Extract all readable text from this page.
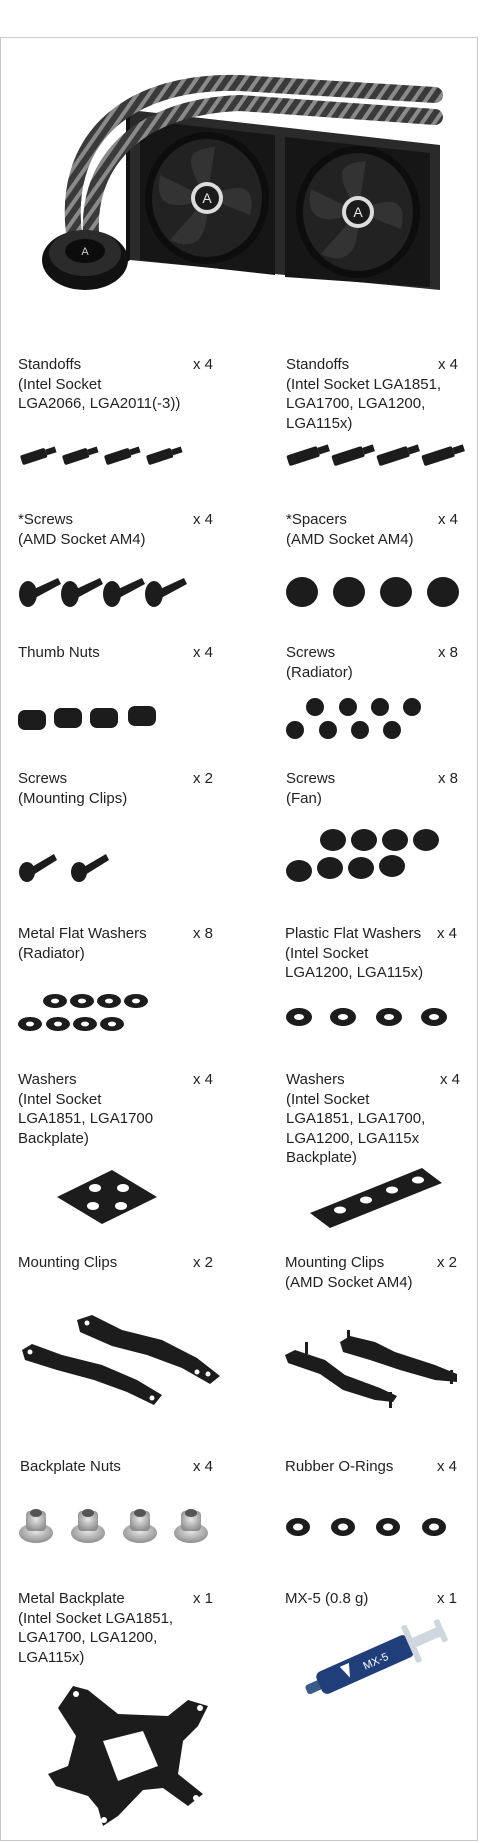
A
A
A
Standoffs
(Intel Socket
LGA2066, LGA2011(-3))
x 4	Standoffs
(Intel Socket LGA1851,
LGA1700, LGA1200,
LGA115x)
x 4
*Screws
(AMD Socket AM4)
x 4	*Spacers
(AMD Socket AM4)
x 4
Thumb Nuts	x 4	Screws
(Radiator)
x 8
Screws
(Mounting Clips)
x 2	Screws
(Fan)
x 8
Metal Flat Washers
(Radiator)
x 8	Plastic Flat Washers
(Intel Socket
LGA1200, LGA115x)
x 4
Washers
(Intel Socket
LGA1851, LGA1700
Backplate)
x 4	Washers
(Intel Socket
LGA1851, LGA1700,
LGA1200, LGA115x
Backplate)
x 4
Mounting Clips	x 2	Mounting Clips
(AMD Socket AM4)
x 2
Backplate Nuts	x 4	Rubber O-Rings	x 4
Metal Backplate
(Intel Socket LGA1851,
LGA1700, LGA1200,
LGA115x)
x 1	MX-5 (0.8 g)	x 1
MX-5
